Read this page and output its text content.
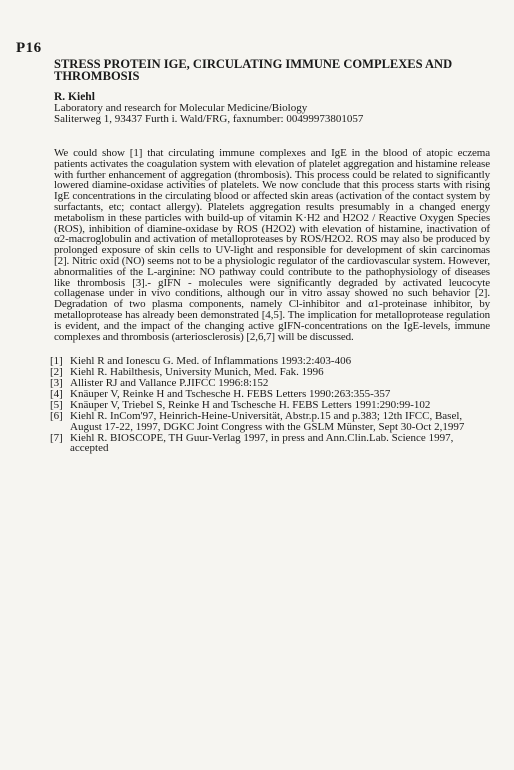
P16
STRESS PROTEIN IGE, CIRCULATING IMMUNE COMPLEXES AND THROMBOSIS
R. Kiehl
Laboratory and research for Molecular Medicine/Biology
Saliterweg 1, 93437 Furth i. Wald/FRG, faxnumber: 00499973801057

We could show [1] that circulating immune complexes and IgE in the blood of atopic eczema patients activates the coagulation system with elevation of platelet aggregation and histamine release with further enhancement of aggregation (thrombosis). This process could be related to significantly lowered diamine-oxidase activities of platelets. We now conclude that this process starts with rising IgE concentrations in the circulating blood or affected skin areas (activation of the contact system by surfactants, etc; contact allergy). Platelets aggregation results presumably in a changed energy metabolism in these particles with build-up of vitamin K·H2 and H2O2 / Reactive Oxygen Species (ROS), inhibition of diamine-oxidase by ROS (H2O2) with elevation of histamine, inactivation of α2-macroglobulin and activation of metalloproteases by ROS/H2O2. ROS may also be produced by prolonged exposure of skin cells to UV-light and responsible for development of skin carcinomas [2]. Nitric oxid (NO) seems not to be a physiologic regulator of the cardiovascular system. However, abnormalities of the L-arginine: NO pathway could contribute to the pathophysiology of diseases like thrombosis [3].- gIFN - molecules were significantly degraded by activated leucocyte collagenase under in vivo conditions, although our in vitro assay showed no such behavior [2]. Degradation of two plasma components, namely Cl-inhibitor and α1-proteinase inhibitor, by metalloprotease has already been demonstrated [4,5]. The implication for metalloprotease regulation is evident, and the impact of the changing active gIFN-concentrations on the IgE-levels, immune complexes and thrombosis (arteriosclerosis) [2,6,7] will be discussed.

[1] Kiehl R and Ionescu G. Med. of Inflammations 1993:2:403-406
[2] Kiehl R. Habilthesis, University Munich, Med. Fak. 1996
[3] Allister RJ and Vallance P.JIFCC 1996:8:152
[4] Knäuper V, Reinke H and Tschesche H. FEBS Letters 1990:263:355-357
[5] Knäuper V, Triebel S, Reinke H and Tschesche H. FEBS Letters 1991:290:99-102
[6] Kiehl R. InCom'97, Heinrich-Heine-Universität, Abstr.p.15 and p.383; 12th IFCC, Basel, August 17-22, 1997, DGKC Joint Congress with the GSLM Münster, Sept 30-Oct 2,1997
[7] Kiehl R. BIOSCOPE, TH Guur-Verlag 1997, in press and Ann.Clin.Lab. Science 1997, accepted
